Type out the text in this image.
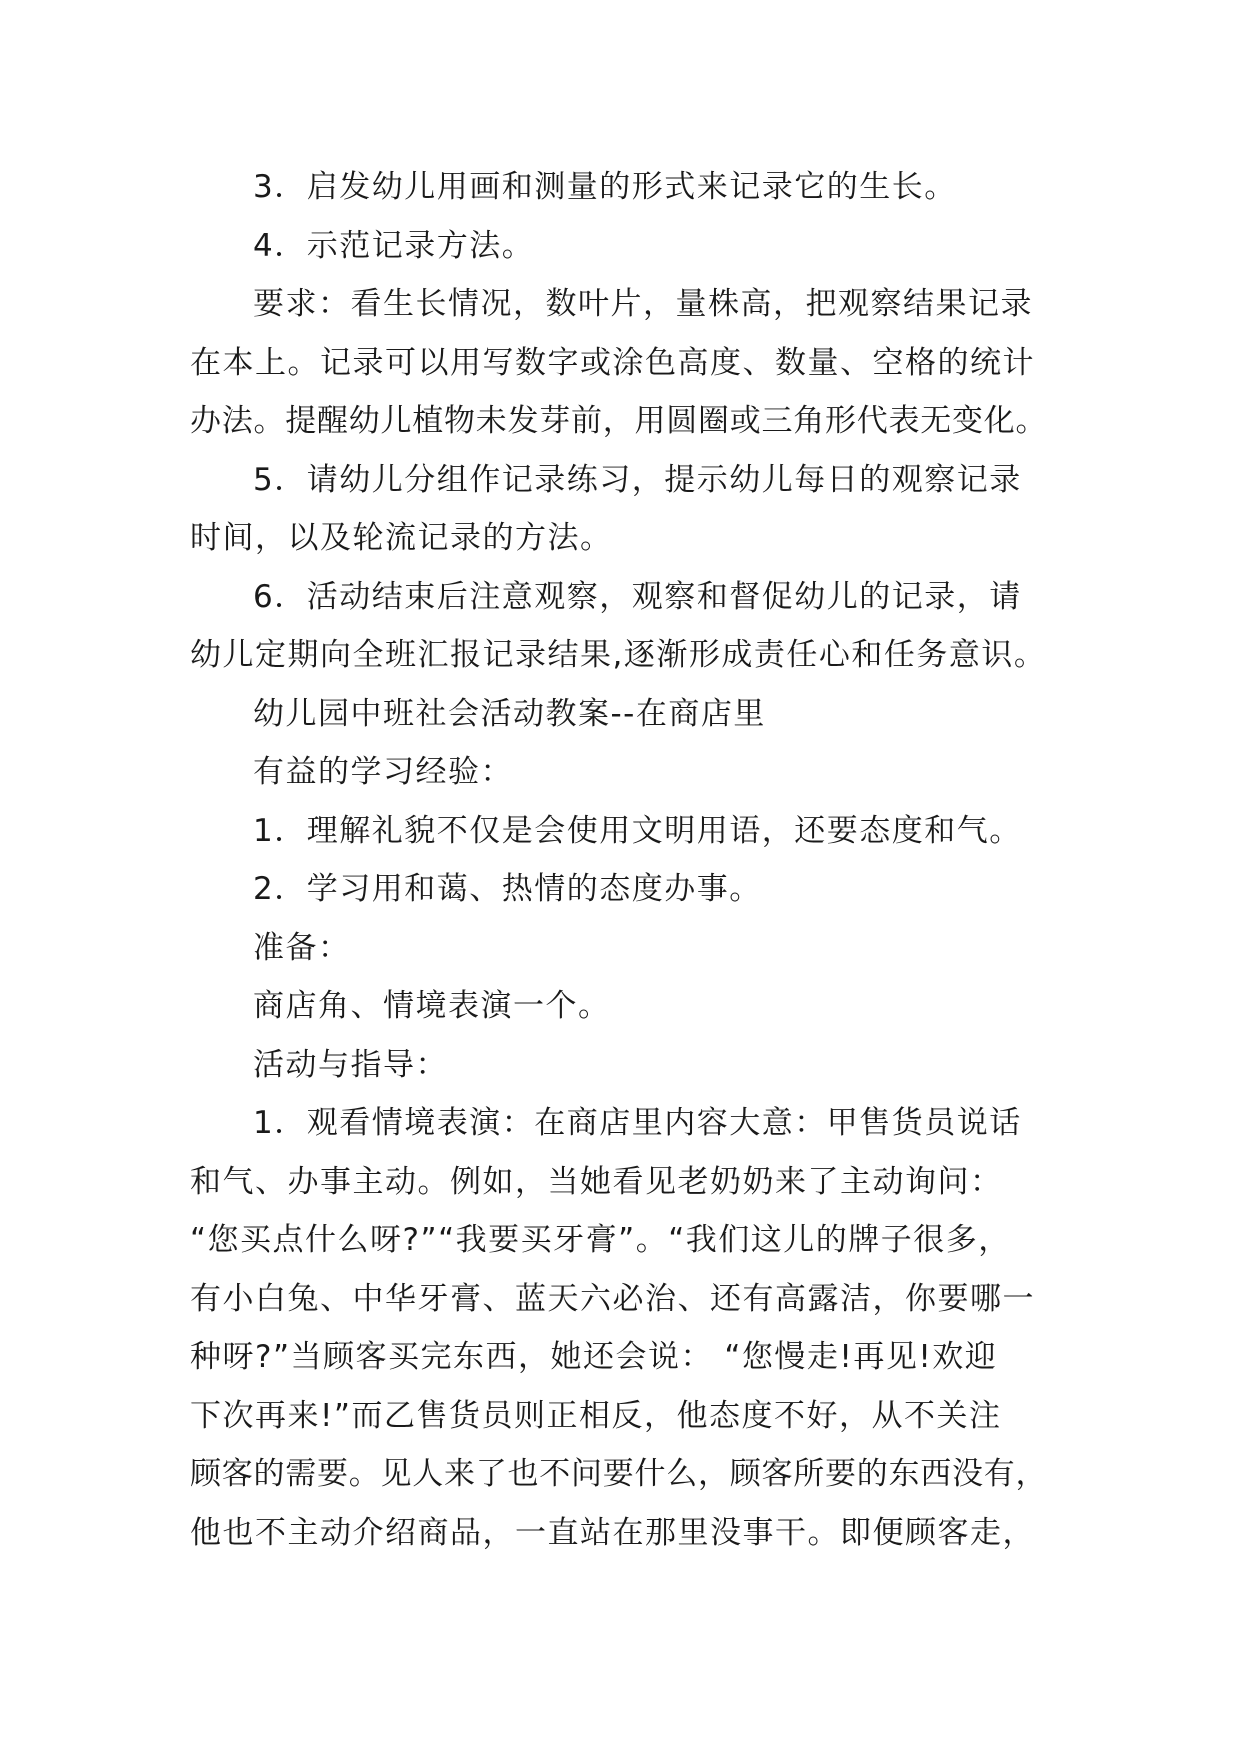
3．启发幼儿用画和测量的形式来记录它的生长。
4．示范记录方法。
要求：看生长情况，数叶片，量株高，把观察结果记录
在本上。记录可以用写数字或涂色高度、数量、空格的统计
办法。提醒幼儿植物未发芽前，用圆圈或三角形代表无变化。
5．请幼儿分组作记录练习，提示幼儿每日的观察记录
时间，以及轮流记录的方法。
6．活动结束后注意观察，观察和督促幼儿的记录，请
幼儿定期向全班汇报记录结果,逐渐形成责任心和任务意识。
幼儿园中班社会活动教案--在商店里
有益的学习经验：
1．理解礼貌不仅是会使用文明用语，还要态度和气。
2．学习用和蔼、热情的态度办事。
准备：
商店角、情境表演一个。
活动与指导：
1．观看情境表演：在商店里内容大意：甲售货员说话
和气、办事主动。例如，当她看见老奶奶来了主动询问：
“您买点什么呀?”“我要买牙膏”。“我们这儿的牌子很多，
有小白兔、中华牙膏、蓝天六必治、还有高露洁，你要哪一
种呀?”当顾客买完东西，她还会说： “您慢走!再见!欢迎
下次再来!”而乙售货员则正相反，他态度不好，从不关注
顾客的需要。见人来了也不问要什么，顾客所要的东西没有，
他也不主动介绍商品，一直站在那里没事干。即便顾客走，
